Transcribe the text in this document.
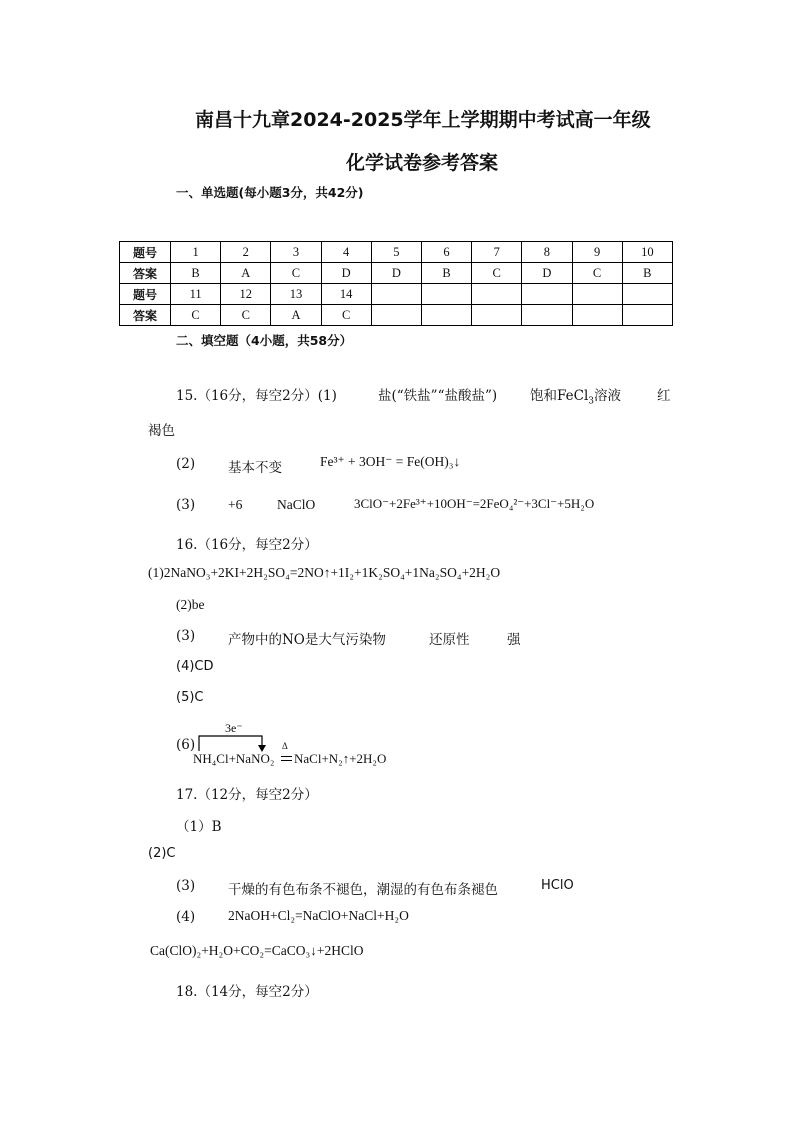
南昌十九章2024-2025学年上学期期中考试高一年级
化学试卷参考答案
一、单选题(每小题3分，共42分)
题号	1	2	3	4	5	6	7	8	9	10
答案	B	A	C	D	D	B	C	D	C	B
题号	11	12	13	14						
答案	C	C	A	C						
二、填空题（4小题，共58分）
15.（16分，每空2分）(1)	盐(“铁盐”“盐酸盐”) 饱和FeCl$_3$溶液	红
褐色
(2) 基本不变	Fe³⁺ + 3OH⁻ = Fe(OH)₃↓
(3) +6	NaClO	3ClO⁻+2Fe³⁺+10OH⁻=2FeO₄²⁻+3Cl⁻+5H₂O
16.（16分，每空2分）
(1)2NaNO₃+2KI+2H₂SO₄=2NO↑+1I₂+1K₂SO₄+1Na₂SO₄+2H₂O
(2)be
(3) 产物中的NO是大气污染物	还原性	强
(4)CD
(5)C
(6)
3e⁻
NH₄Cl+NaNO₂
Δ
NaCl+N₂↑+2H₂O
17.（12分，每空2分）
（1）B
(2)C
(3) 干燥的有色布条不褪色，潮湿的有色布条褪色	HClO
(4) 2NaOH+Cl₂=NaClO+NaCl+H₂O
Ca(ClO)₂+H₂O+CO₂=CaCO₃↓+2HClO
18.（14分，每空2分）
